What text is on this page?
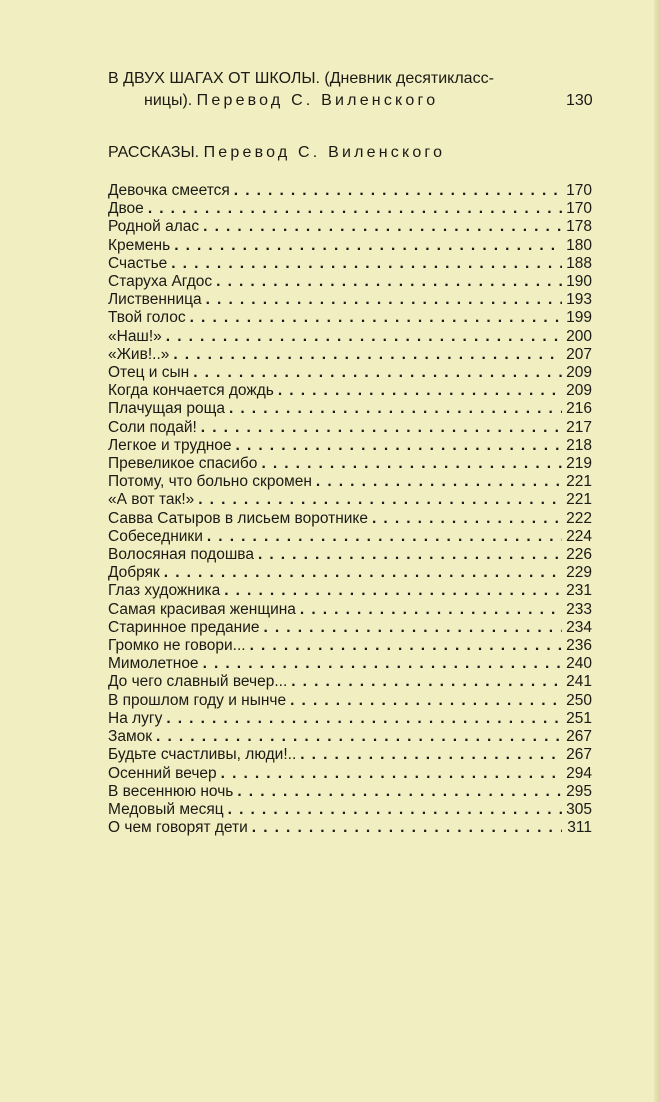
В ДВУХ ШАГАХ ОТ ШКОЛЫ. (Дневник десятикласс-
ницы).
Перевод С. Виленского	130
РАССКАЗЫ. Перевод С. Виленского
Девочка смеется . . .	170
Двое . . .	170
Родной алас . . .	178
Кремень . . .	180
Счастье . . .	188
Старуха Агдос . . .	190
Лиственница . . .	193
Твой голос . . .	199
«Наш!» . . .	200
«Жив!..» . . .	207
Отец и сын . . .	209
Когда кончается дождь . . .	209
Плачущая роща . . .	216
Соли подай! . . .	217
Легкое и трудное . . .	218
Превеликое спасибо . . .	219
Потому, что больно скромен . . .	221
«А вот так!» . . .	221
Савва Сатыров в лисьем воротнике . . .	222
Собеседники . . .	224
Волосяная подошва . . .	226
Добряк . . .	229
Глаз художника . . .	231
Самая красивая женщина . . .	233
Старинное предание . . .	234
Громко не говори... . . .	236
Мимолетное . . .	240
До чего славный вечер... . . .	241
В прошлом году и нынче . . .	250
На лугу . . .	251
Замок . . .	267
Будьте счастливы, люди!.. . . .	267
Осенний вечер . . .	294
В весеннюю ночь . . .	295
Медовый месяц . . .	305
О чем говорят дети . . .	311
